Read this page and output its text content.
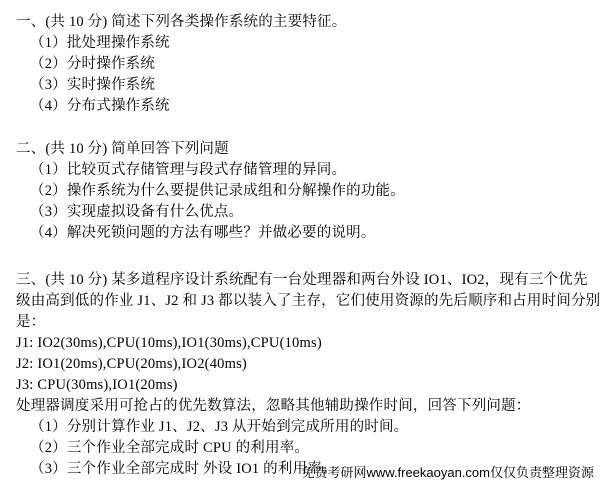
一、(共 10 分) 简述下列各类操作系统的主要特征。
（1）批处理操作系统
（2）分时操作系统
（3）实时操作系统
（4）分布式操作系统
二、(共 10 分) 简单回答下列问题
（1）比较页式存储管理与段式存储管理的异同。
（2）操作系统为什么要提供记录成组和分解操作的功能。
（3）实现虚拟设备有什么优点。
（4）解决死锁问题的方法有哪些？并做必要的说明。
三、(共 10 分) 某多道程序设计系统配有一台处理器和两台外设 IO1、IO2，现有三个优先
级由高到低的作业 J1、J2 和 J3 都以装入了主存，它们使用资源的先后顺序和占用时间分别
是：
J1: IO2(30ms),CPU(10ms),IO1(30ms),CPU(10ms)
J2: IO1(20ms),CPU(20ms),IO2(40ms)
J3: CPU(30ms),IO1(20ms)
处理器调度采用可抢占的优先数算法，忽略其他辅助操作时间，回答下列问题：
（1）分别计算作业 J1、J2、J3 从开始到完成所用的时间。
（2）三个作业全部完成时 CPU 的利用率。
（3）三个作业全部完成时 外设 IO1 的利用率。
免费考研网www.freekaoyan.com仅仅负责整理资源
